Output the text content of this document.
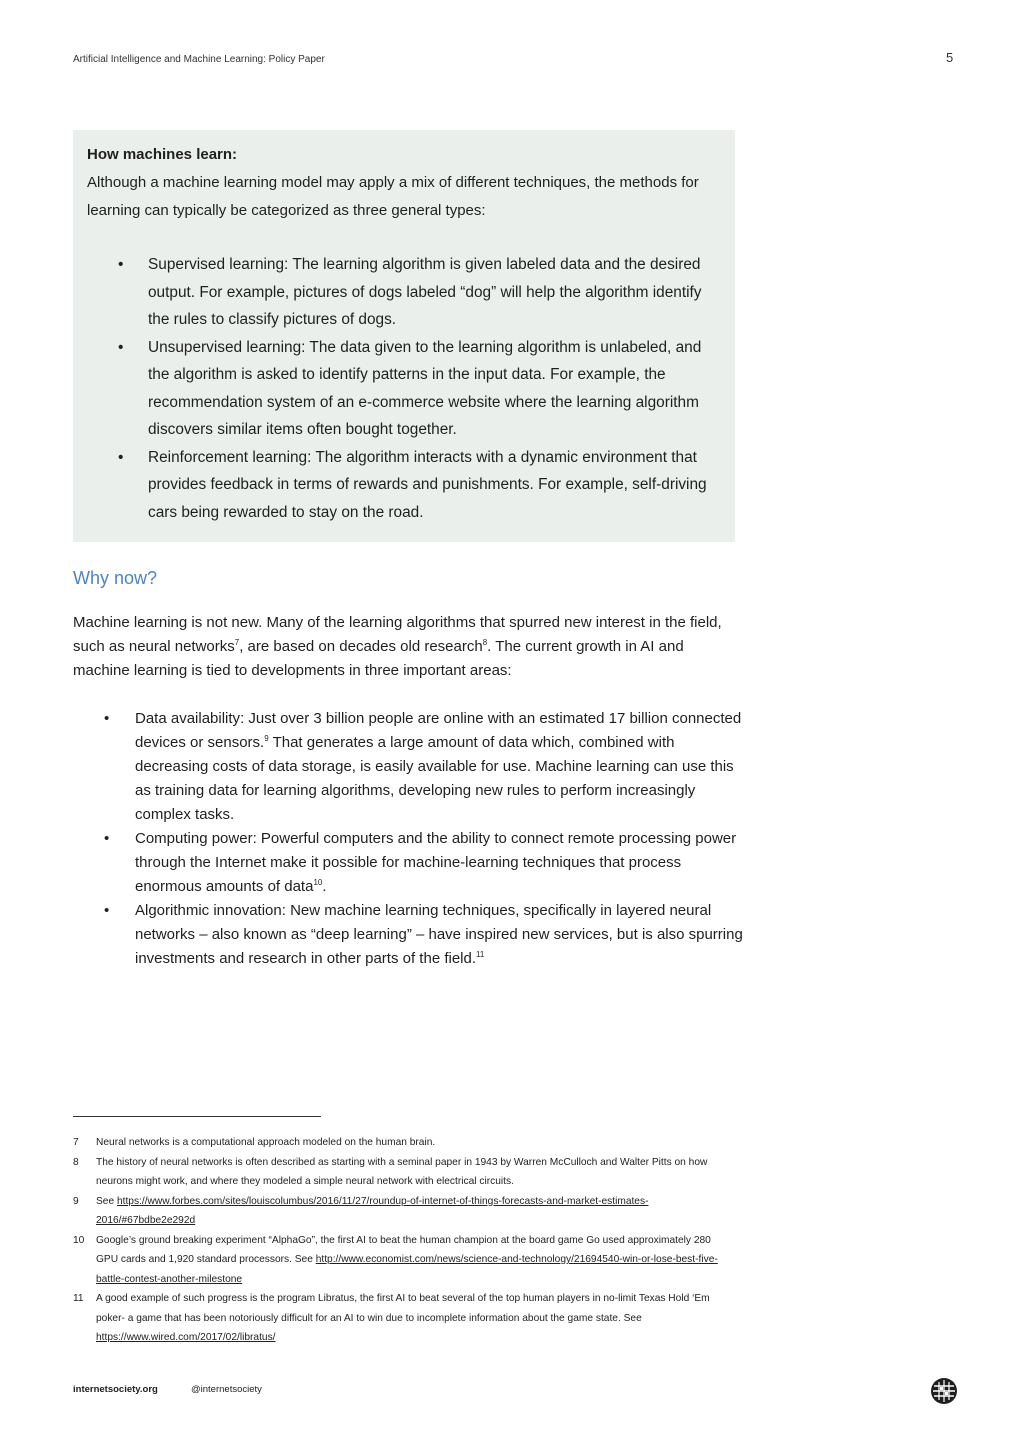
Artificial Intelligence and Machine Learning: Policy Paper	5

How machines learn:

Although a machine learning model may apply a mix of different techniques, the methods for learning can typically be categorized as three general types:

• Supervised learning: The learning algorithm is given labeled data and the desired output. For example, pictures of dogs labeled “dog” will help the algorithm identify the rules to classify pictures of dogs.
• Unsupervised learning: The data given to the learning algorithm is unlabeled, and the algorithm is asked to identify patterns in the input data. For example, the recommendation system of an e-commerce website where the learning algorithm discovers similar items often bought together.
• Reinforcement learning: The algorithm interacts with a dynamic environment that provides feedback in terms of rewards and punishments. For example, self-driving cars being rewarded to stay on the road.
Why now?

Machine learning is not new. Many of the learning algorithms that spurred new interest in the field, such as neural networks$^7$, are based on decades old research$^8$. The current growth in AI and machine learning is tied to developments in three important areas:

• Data availability: Just over 3 billion people are online with an estimated 17 billion connected devices or sensors.$^9$ That generates a large amount of data which, combined with decreasing costs of data storage, is easily available for use. Machine learning can use this as training data for learning algorithms, developing new rules to perform increasingly complex tasks.
• Computing power: Powerful computers and the ability to connect remote processing power through the Internet make it possible for machine-learning techniques that process enormous amounts of data$^{10}$.
• Algorithmic innovation: New machine learning techniques, specifically in layered neural networks – also known as “deep learning” – have inspired new services, but is also spurring investments and research in other parts of the field.$^{11}$
7 Neural networks is a computational approach modeled on the human brain.
8 The history of neural networks is often described as starting with a seminal paper in 1943 by Warren McCulloch and Walter Pitts on how neurons might work, and where they modeled a simple neural network with electrical circuits.
9 See https://www.forbes.com/sites/louiscolumbus/2016/11/27/roundup-of-internet-of-things-forecasts-and-market-estimates-2016/#67bdbe2e292d
10 Google’s ground breaking experiment “AlphaGo”, the first AI to beat the human champion at the board game Go used approximately 280 GPU cards and 1,920 standard processors. See http://www.economist.com/news/science-and-technology/21694540-win-or-lose-best-five-battle-contest-another-milestone
11 A good example of such progress is the program Libratus, the first AI to beat several of the top human players in no-limit Texas Hold ‘Em poker- a game that has been notoriously difficult for an AI to win due to incomplete information about the game state. See https://www.wired.com/2017/02/libratus/
internetsociety.org	@internetsociety
